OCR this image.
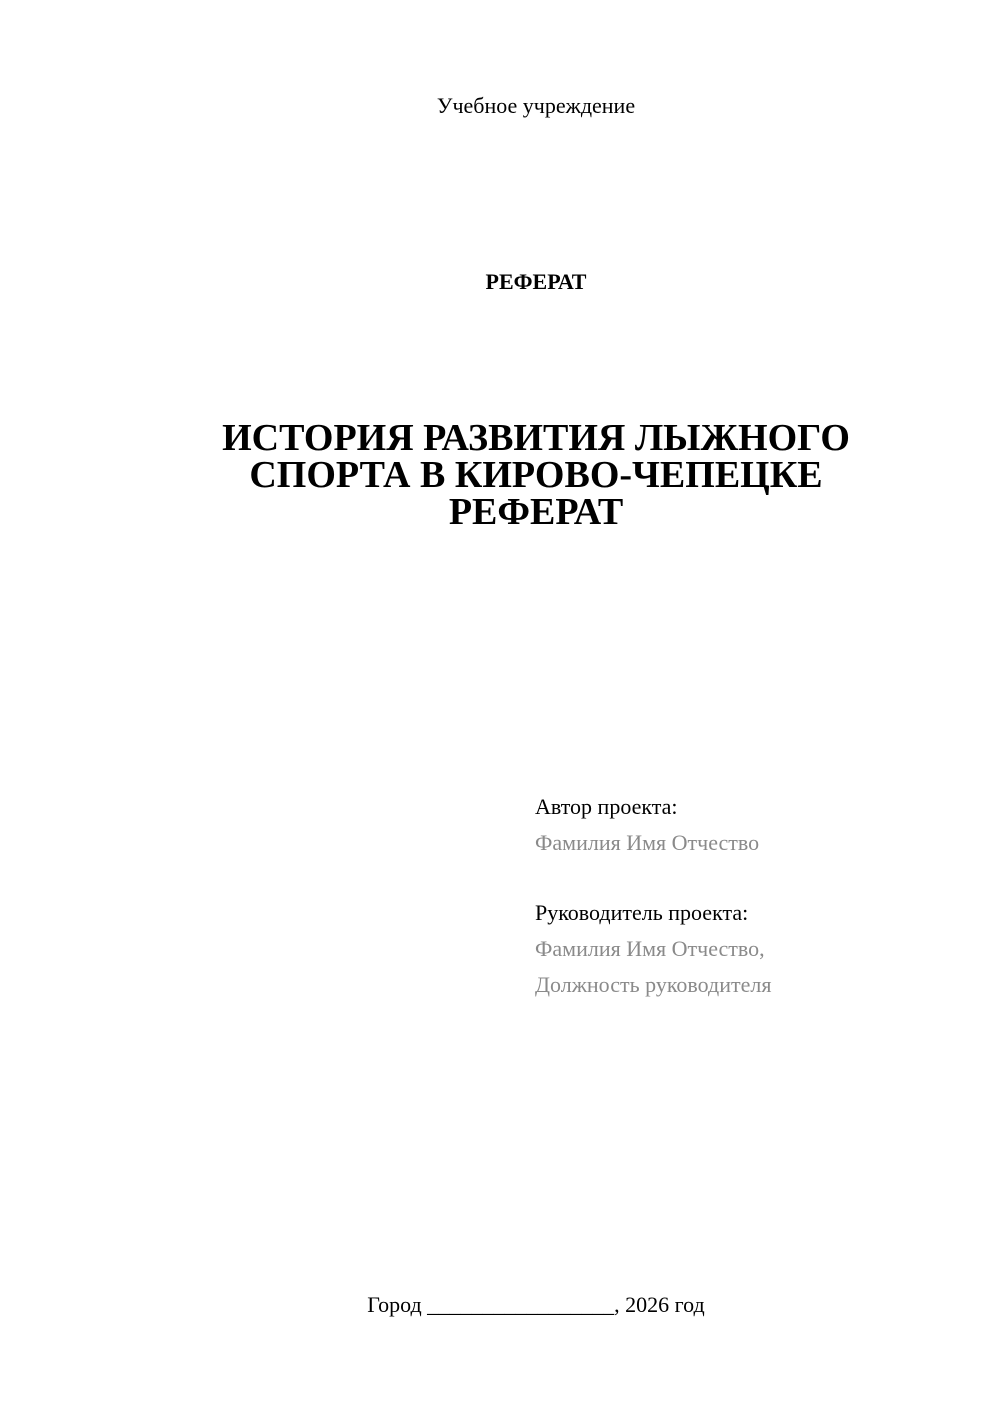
Учебное учреждение
РЕФЕРАТ
ИСТОРИЯ РАЗВИТИЯ ЛЫЖНОГО
СПОРТА В КИРОВО-ЧЕПЕЦКЕ
РЕФЕРАТ
Автор проекта:
Фамилия Имя Отчество
Руководитель проекта:
Фамилия Имя Отчество,
Должность руководителя
Город _________________, 2026 год
